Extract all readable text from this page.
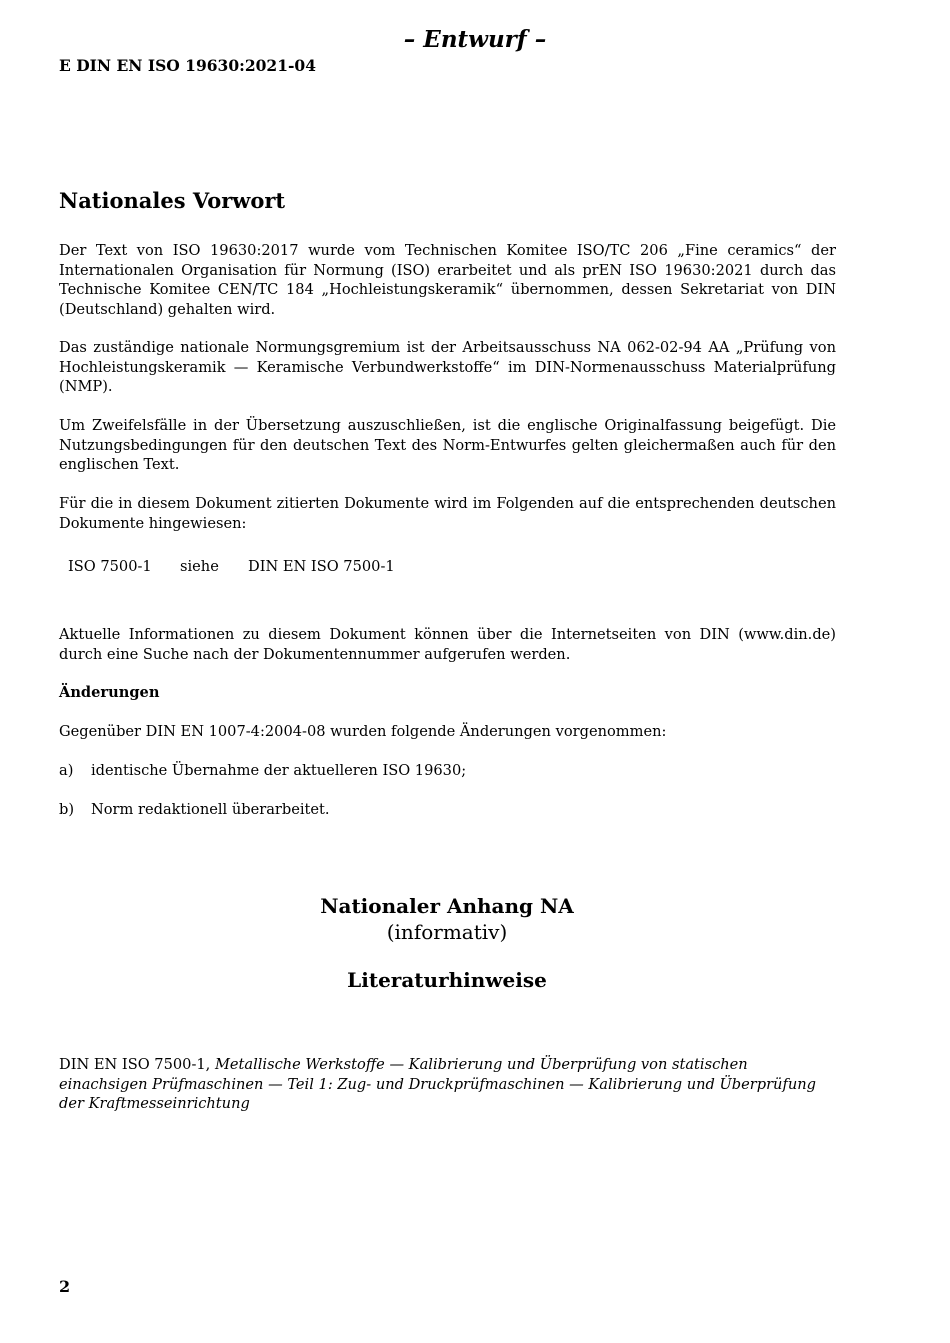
– Entwurf –
E DIN EN ISO 19630:2021-04
Nationales Vorwort
Der Text von ISO 19630:2017 wurde vom Technischen Komitee ISO/TC 206 „Fine ceramics“ der Internationalen Organisation für Normung (ISO) erarbeitet und als prEN ISO 19630:2021 durch das Technische Komitee CEN/TC 184 „Hochleistungskeramik“ übernommen, dessen Sekretariat von DIN (Deutschland) gehalten wird.
Das zuständige nationale Normungsgremium ist der Arbeitsausschuss NA 062-02-94 AA „Prüfung von Hochleistungskeramik — Keramische Verbundwerkstoffe“ im DIN-Normenausschuss Materialprüfung (NMP).
Um Zweifelsfälle in der Übersetzung auszuschließen, ist die englische Originalfassung beigefügt. Die Nutzungsbedingungen für den deutschen Text des Norm-Entwurfes gelten gleichermaßen auch für den englischen Text.
Für die in diesem Dokument zitierten Dokumente wird im Folgenden auf die entsprechenden deutschen Dokumente hingewiesen:
ISO 7500-1 siehe DIN EN ISO 7500-1
Aktuelle Informationen zu diesem Dokument können über die Internetseiten von DIN (www.din.de) durch eine Suche nach der Dokumentennummer aufgerufen werden.
Änderungen
Gegenüber DIN EN 1007-4:2004-08 wurden folgende Änderungen vorgenommen:
a) identische Übernahme der aktuelleren ISO 19630;
b) Norm redaktionell überarbeitet.
Nationaler Anhang NA
(informativ)
Literaturhinweise
DIN EN ISO 7500-1, Metallische Werkstoffe — Kalibrierung und Überprüfung von statischen einachsigen Prüfmaschinen — Teil 1: Zug- und Druckprüfmaschinen — Kalibrierung und Überprüfung der Kraftmesseinrichtung
2
